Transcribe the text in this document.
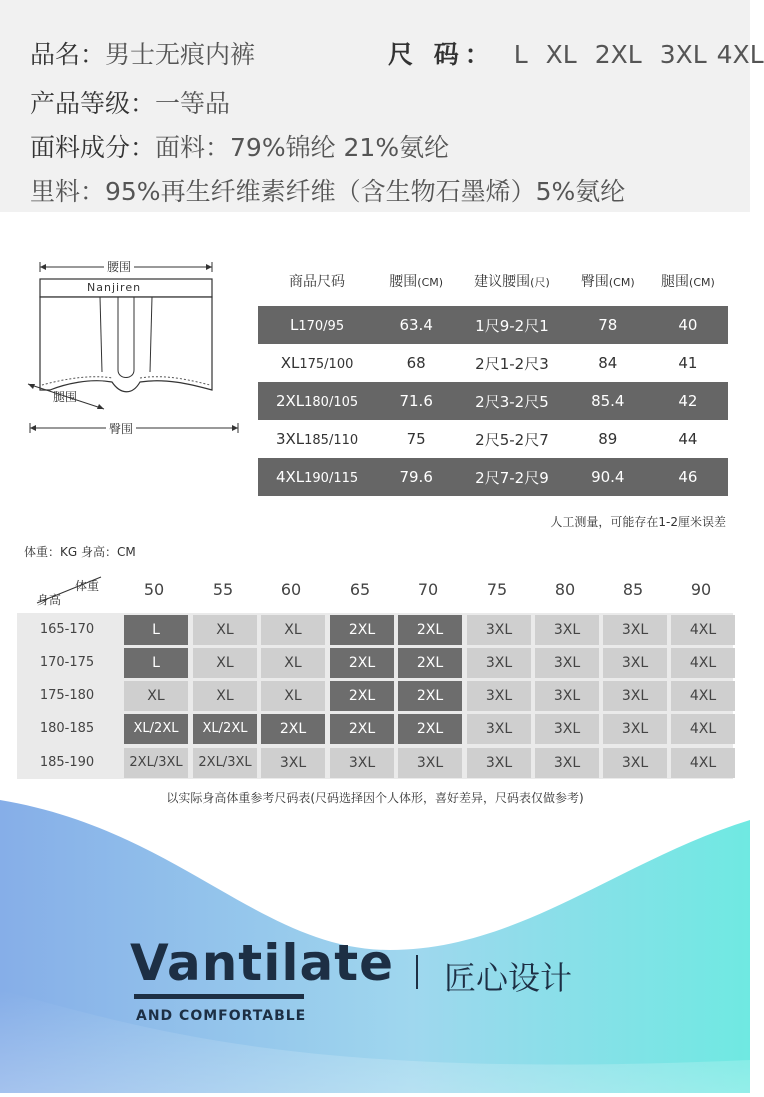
品名：男士无痕内裤	尺 码： L XL 2XL 3XL 4XL
产品等级：一等品
面料成分：面料：79%锦纶 21%氨纶
里料：95%再生纤维素纤维（含生物石墨烯）5%氨纶
腰围
Nanjiren
腿围
臀围
商品尺码	腰围(CM)	建议腰围(尺)	臀围(CM)	腿围(CM)
L170/95	63.4	1尺9-2尺1	78	40
XL175/100	68	2尺1-2尺3	84	41
2XL180/105	71.6	2尺3-2尺5	85.4	42
3XL185/110	75	2尺5-2尺7	89	44
4XL190/115	79.6	2尺7-2尺9	90.4	46
人工测量，可能存在1-2厘米误差
体重：KG 身高：CM
体重
身高
50	55	60	65	70	75	80	85	90
165-170	L	XL	XL	2XL	2XL	3XL	3XL	3XL	4XL
170-175	L	XL	XL	2XL	2XL	3XL	3XL	3XL	4XL
175-180	XL	XL	XL	2XL	2XL	3XL	3XL	3XL	4XL
180-185	XL/2XL	XL/2XL	2XL	2XL	2XL	3XL	3XL	3XL	4XL
185-190	2XL/3XL	2XL/3XL	3XL	3XL	3XL	3XL	3XL	3XL	4XL
以实际身高体重参考尺码表(尺码选择因个人体形，喜好差异，尺码表仅做参考)
Vantilate
AND COMFORTABLE
匠心设计
